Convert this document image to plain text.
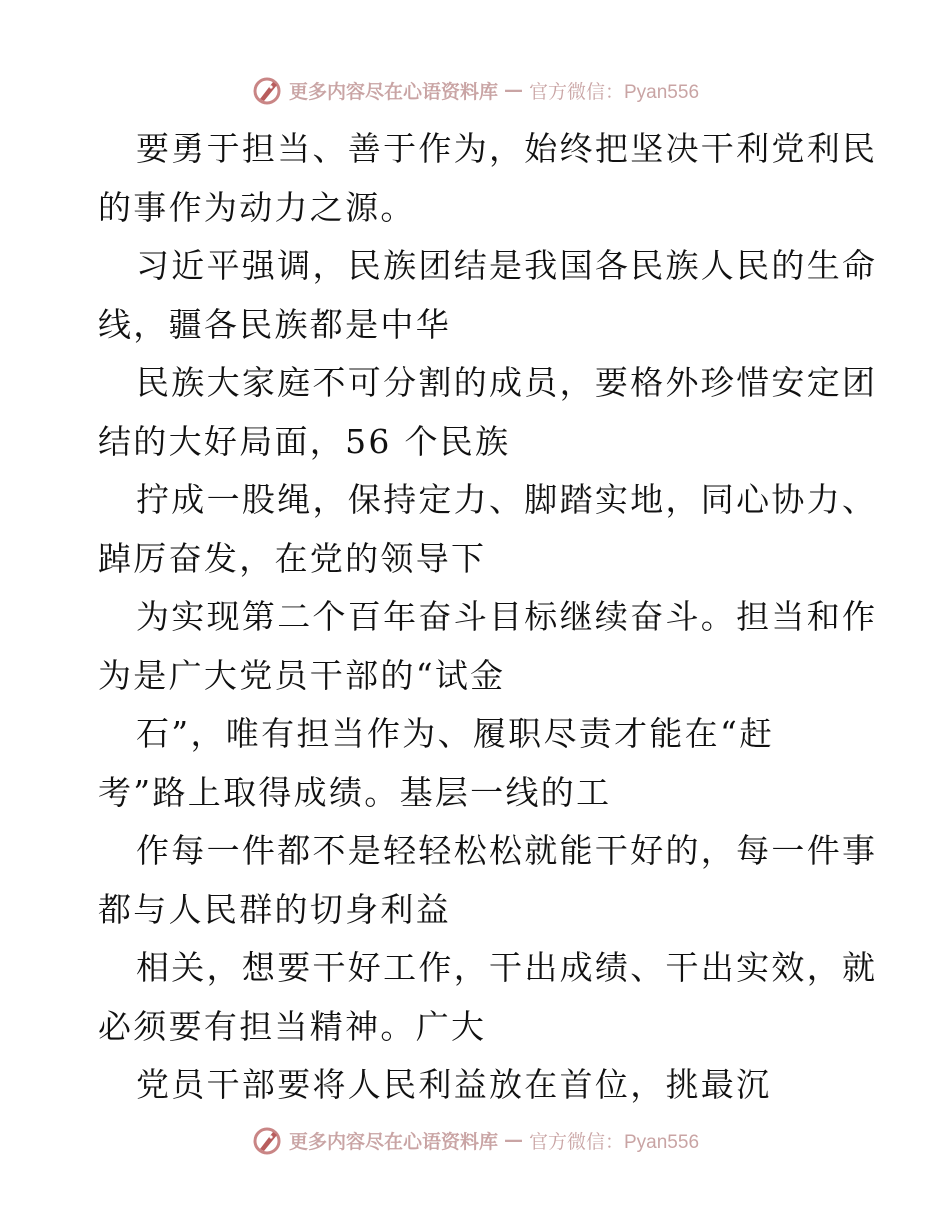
更多内容尽在心语资料库 — 官方微信：Pyan556
要勇于担当、善于作为，始终把坚决干利党利民
的事作为动力之源。
习近平强调，民族团结是我国各民族人民的生命
线，疆各民族都是中华
民族大家庭不可分割的成员，要格外珍惜安定团
结的大好局面，56 个民族
拧成一股绳，保持定力、脚踏实地，同心协力、
踔厉奋发，在党的领导下
为实现第二个百年奋斗目标继续奋斗。担当和作
为是广大党员干部的“试金
石”，唯有担当作为、履职尽责才能在“赶
考”路上取得成绩。基层一线的工
作每一件都不是轻轻松松就能干好的，每一件事
都与人民群的切身利益
相关，想要干好工作，干出成绩、干出实效，就
必须要有担当精神。广大
党员干部要将人民利益放在首位，挑最沉
更多内容尽在心语资料库 — 官方微信：Pyan556
